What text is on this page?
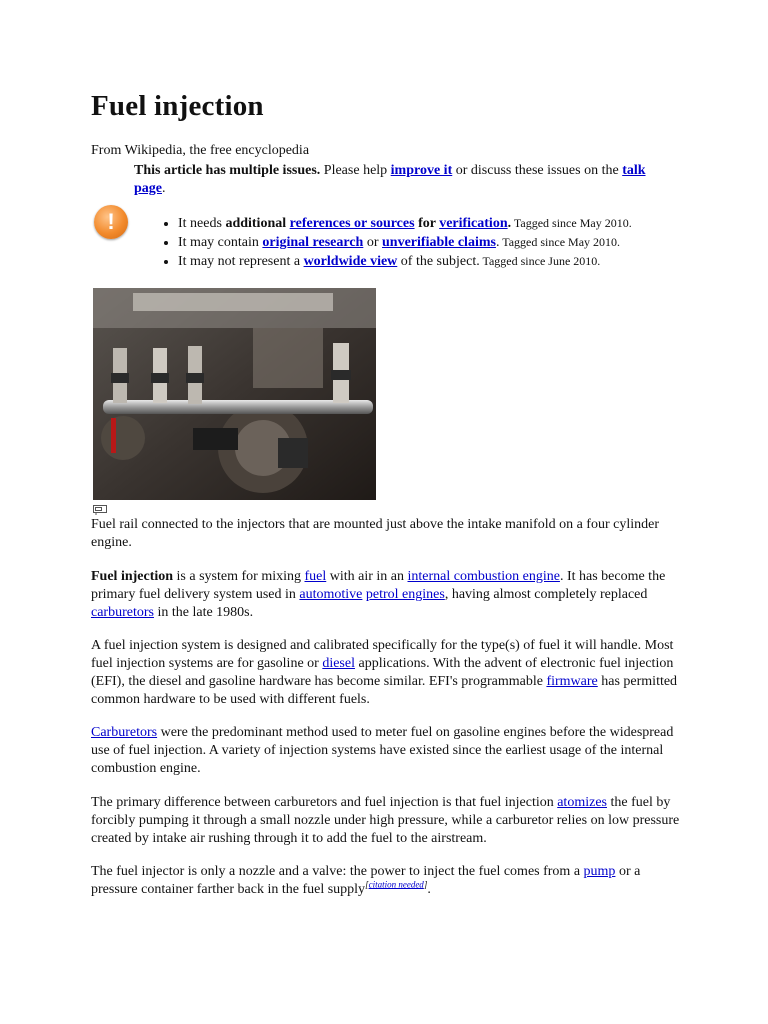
Fuel injection
From Wikipedia, the free encyclopedia
This article has multiple issues. Please help improve it or discuss these issues on the talk page.
!
•	It needs additional references or sources for verification. Tagged since May 2010.
• It may contain original research or unverifiable claims. Tagged since May 2010.
• It may not represent a worldwide view of the subject. Tagged since June 2010.
Fuel rail connected to the injectors that are mounted just above the intake manifold on a four cylinder engine.

Fuel injection is a system for mixing fuel with air in an internal combustion engine. It has become the primary fuel delivery system used in automotive petrol engines, having almost completely replaced carburetors in the late 1980s.

A fuel injection system is designed and calibrated specifically for the type(s) of fuel it will handle. Most fuel injection systems are for gasoline or diesel applications. With the advent of electronic fuel injection (EFI), the diesel and gasoline hardware has become similar. EFI's programmable firmware has permitted common hardware to be used with different fuels.

Carburetors were the predominant method used to meter fuel on gasoline engines before the widespread use of fuel injection. A variety of injection systems have existed since the earliest usage of the internal combustion engine.

The primary difference between carburetors and fuel injection is that fuel injection atomizes the fuel by forcibly pumping it through a small nozzle under high pressure, while a carburetor relies on low pressure created by intake air rushing through it to add the fuel to the airstream.

The fuel injector is only a nozzle and a valve: the power to inject the fuel comes from a pump or a pressure container farther back in the fuel supply[citation needed].
